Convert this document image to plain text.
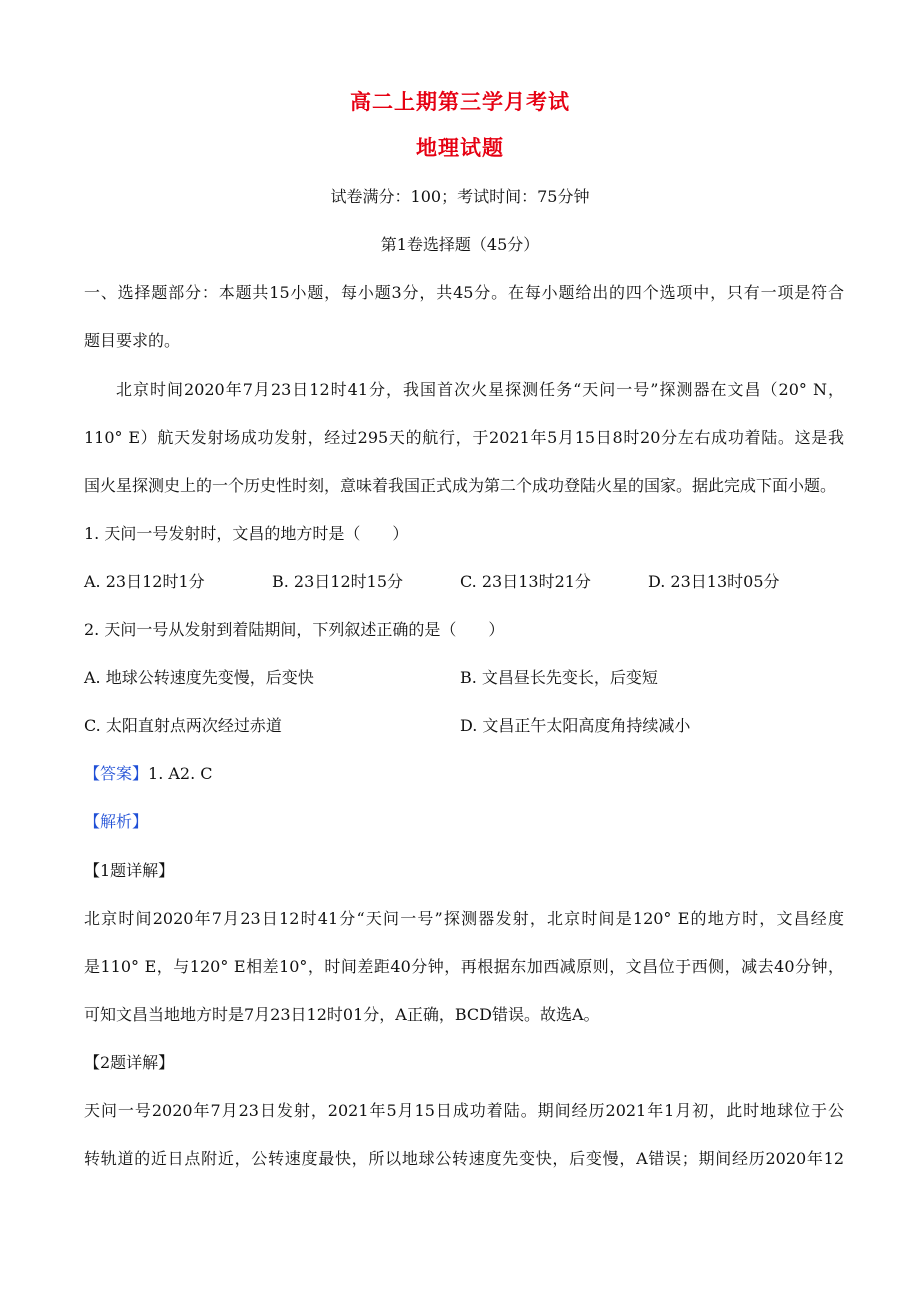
高二上期第三学月考试
地理试题
试卷满分：100；考试时间：75分钟
第1卷选择题（45分）
一、选择题部分：本题共15小题，每小题3分，共45分。在每小题给出的四个选项中，只有一项是符合
题目要求的。
北京时间2020年7月23日12时41分，我国首次火星探测任务“天问一号”探测器在文昌（20° N，
110° E）航天发射场成功发射，经过295天的航行，于2021年5月15日8时20分左右成功着陆。这是我
国火星探测史上的一个历史性时刻，意味着我国正式成为第二个成功登陆火星的国家。据此完成下面小题。
1. 天问一号发射时，文昌的地方时是（　　）
A. 23日12时1分	B. 23日12时15分	C. 23日13时21分	D. 23日13时05分
2. 天问一号从发射到着陆期间，下列叙述正确的是（　　）
A. 地球公转速度先变慢，后变快	B. 文昌昼长先变长，后变短
C. 太阳直射点两次经过赤道	D. 文昌正午太阳高度角持续减小
【答案】1. A2. C
【解析】
【1题详解】
北京时间2020年7月23日12时41分“天问一号”探测器发射，北京时间是120° E的地方时，文昌经度
是110° E，与120° E相差10°，时间差距40分钟，再根据东加西减原则，文昌位于西侧，减去40分钟，
可知文昌当地地方时是7月23日12时01分，A正确，BCD错误。故选A。
【2题详解】
天问一号2020年7月23日发射，2021年5月15日成功着陆。期间经历2021年1月初，此时地球位于公
转轨道的近日点附近，公转速度最快，所以地球公转速度先变快，后变慢，A错误；期间经历2020年12
